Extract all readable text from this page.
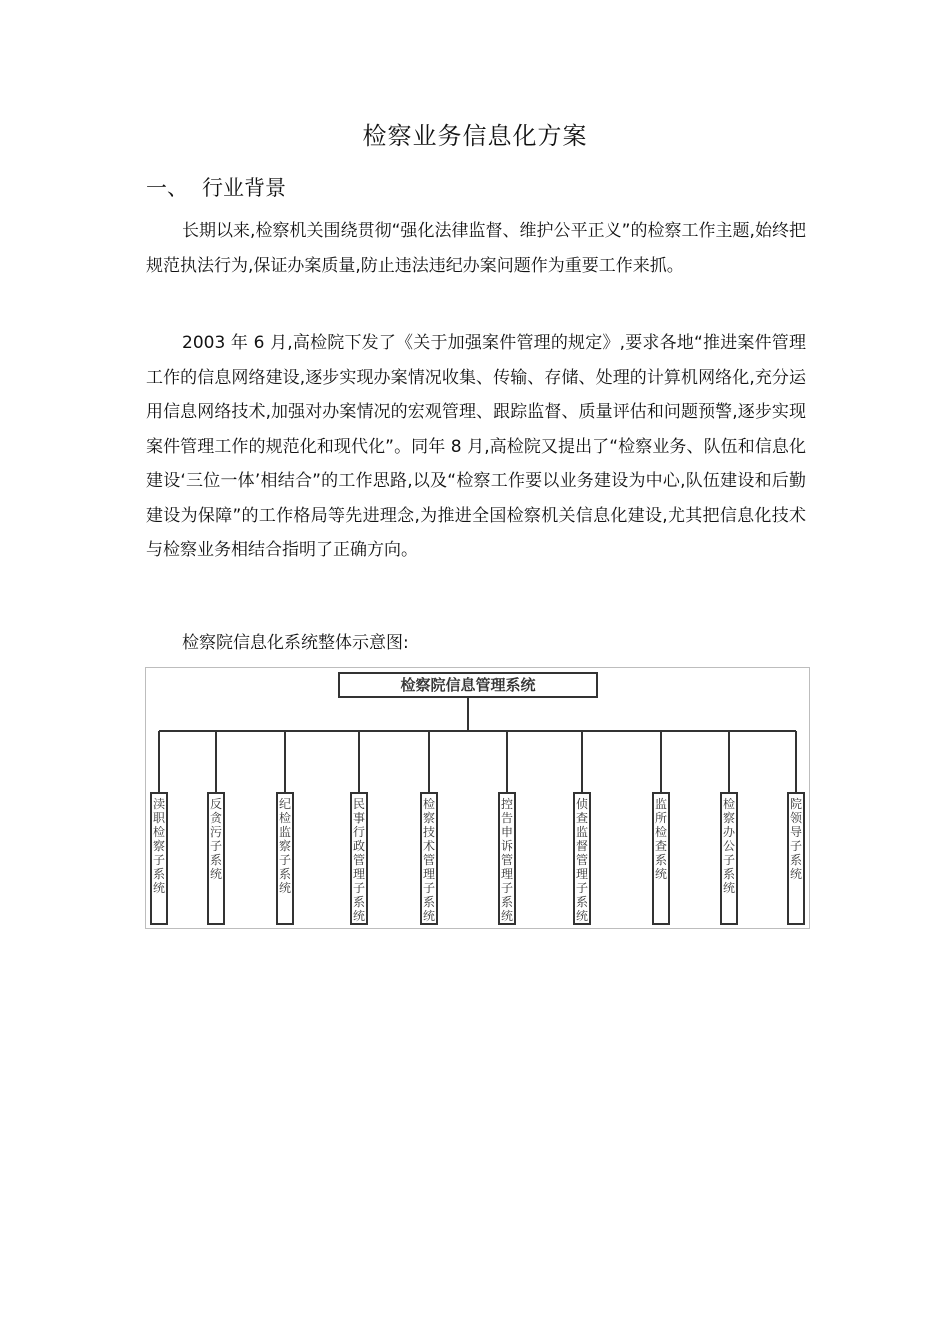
检察业务信息化方案
一、 行业背景
长期以来,检察机关围绕贯彻“强化法律监督、维护公平正义”的检察工作主题,始终把规范执法行为,保证办案质量,防止违法违纪办案问题作为重要工作来抓。
2003 年 6 月,高检院下发了《关于加强案件管理的规定》,要求各地“推进案件管理工作的信息网络建设,逐步实现办案情况收集、传输、存储、处理的计算机网络化,充分运用信息网络技术,加强对办案情况的宏观管理、跟踪监督、质量评估和问题预警,逐步实现案件管理工作的规范化和现代化”。同年 8 月,高检院又提出了“检察业务、队伍和信息化建设‘三位一体’相结合”的工作思路,以及“检察工作要以业务建设为中心,队伍建设和后勤建设为保障”的工作格局等先进理念,为推进全国检察机关信息化建设,尤其把信息化技术与检察业务相结合指明了正确方向。
检察院信息化系统整体示意图:
检察院信息管理系统
渎职检察子系统
反贪污子系统
纪检监察子系统
民事行政管理子系统
检察技术管理子系统
控告申诉管理子系统
侦查监督管理子系统
监所检查系统
检察办公子系统
院领导子系统
